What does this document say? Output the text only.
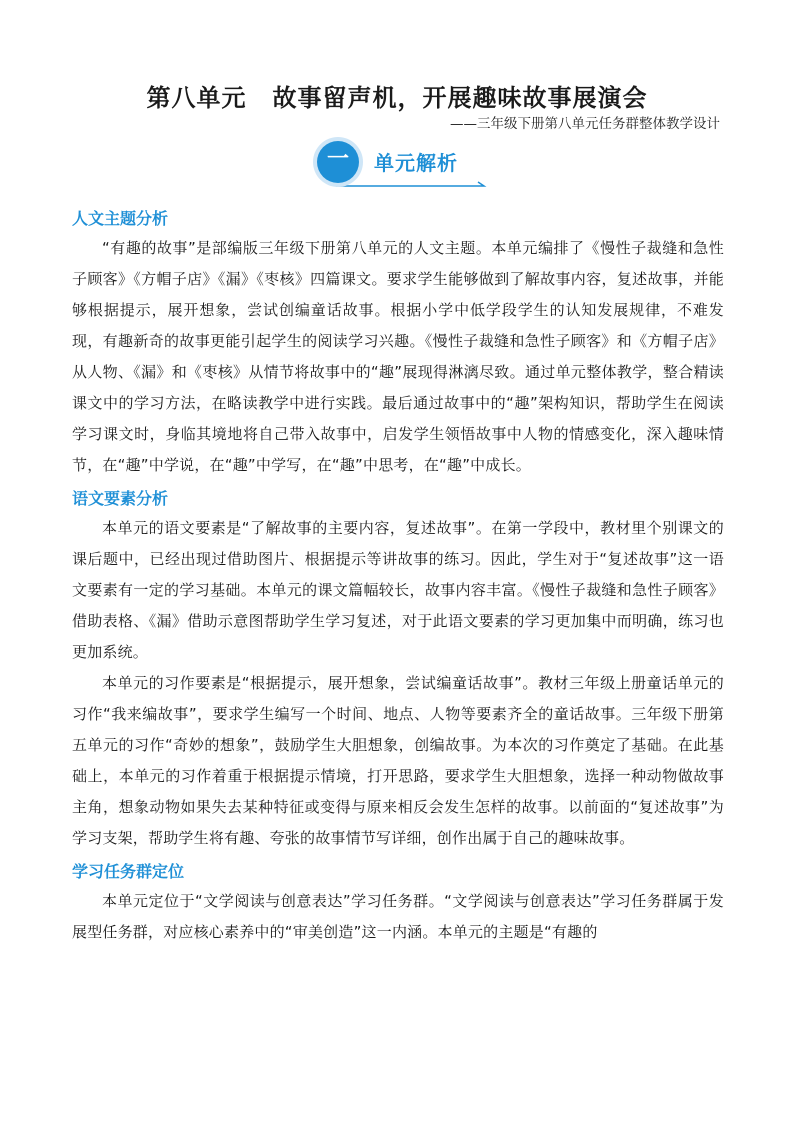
第八单元 故事留声机，开展趣味故事展演会
——三年级下册第八单元任务群整体教学设计
一	单元解析
人文主题分析

“有趣的故事”是部编版三年级下册第八单元的人文主题。本单元编排了《慢性子裁缝和急性子顾客》《方帽子店》《漏》《枣核》四篇课文。要求学生能够做到了解故事内容，复述故事，并能够根据提示，展开想象，尝试创编童话故事。根据小学中低学段学生的认知发展规律，不难发现，有趣新奇的故事更能引起学生的阅读学习兴趣。《慢性子裁缝和急性子顾客》和《方帽子店》从人物、《漏》和《枣核》从情节将故事中的“趣”展现得淋漓尽致。通过单元整体教学，整合精读课文中的学习方法，在略读教学中进行实践。最后通过故事中的“趣”架构知识，帮助学生在阅读学习课文时，身临其境地将自己带入故事中，启发学生领悟故事中人物的情感变化，深入趣味情节，在“趣”中学说，在“趣”中学写，在“趣”中思考，在“趣”中成长。

语文要素分析

本单元的语文要素是“了解故事的主要内容，复述故事”。在第一学段中，教材里个别课文的课后题中，已经出现过借助图片、根据提示等讲故事的练习。因此，学生对于“复述故事”这一语文要素有一定的学习基础。本单元的课文篇幅较长，故事内容丰富。《慢性子裁缝和急性子顾客》借助表格、《漏》借助示意图帮助学生学习复述，对于此语文要素的学习更加集中而明确，练习也更加系统。

本单元的习作要素是“根据提示，展开想象，尝试编童话故事”。教材三年级上册童话单元的习作“我来编故事”，要求学生编写一个时间、地点、人物等要素齐全的童话故事。三年级下册第五单元的习作“奇妙的想象”，鼓励学生大胆想象，创编故事。为本次的习作奠定了基础。在此基础上，本单元的习作着重于根据提示情境，打开思路，要求学生大胆想象，选择一种动物做故事主角，想象动物如果失去某种特征或变得与原来相反会发生怎样的故事。以前面的“复述故事”为学习支架，帮助学生将有趣、夸张的故事情节写详细，创作出属于自己的趣味故事。

学习任务群定位

本单元定位于“文学阅读与创意表达”学习任务群。“文学阅读与创意表达”学习任务群属于发展型任务群，对应核心素养中的“审美创造”这一内涵。本单元的主题是“有趣的
